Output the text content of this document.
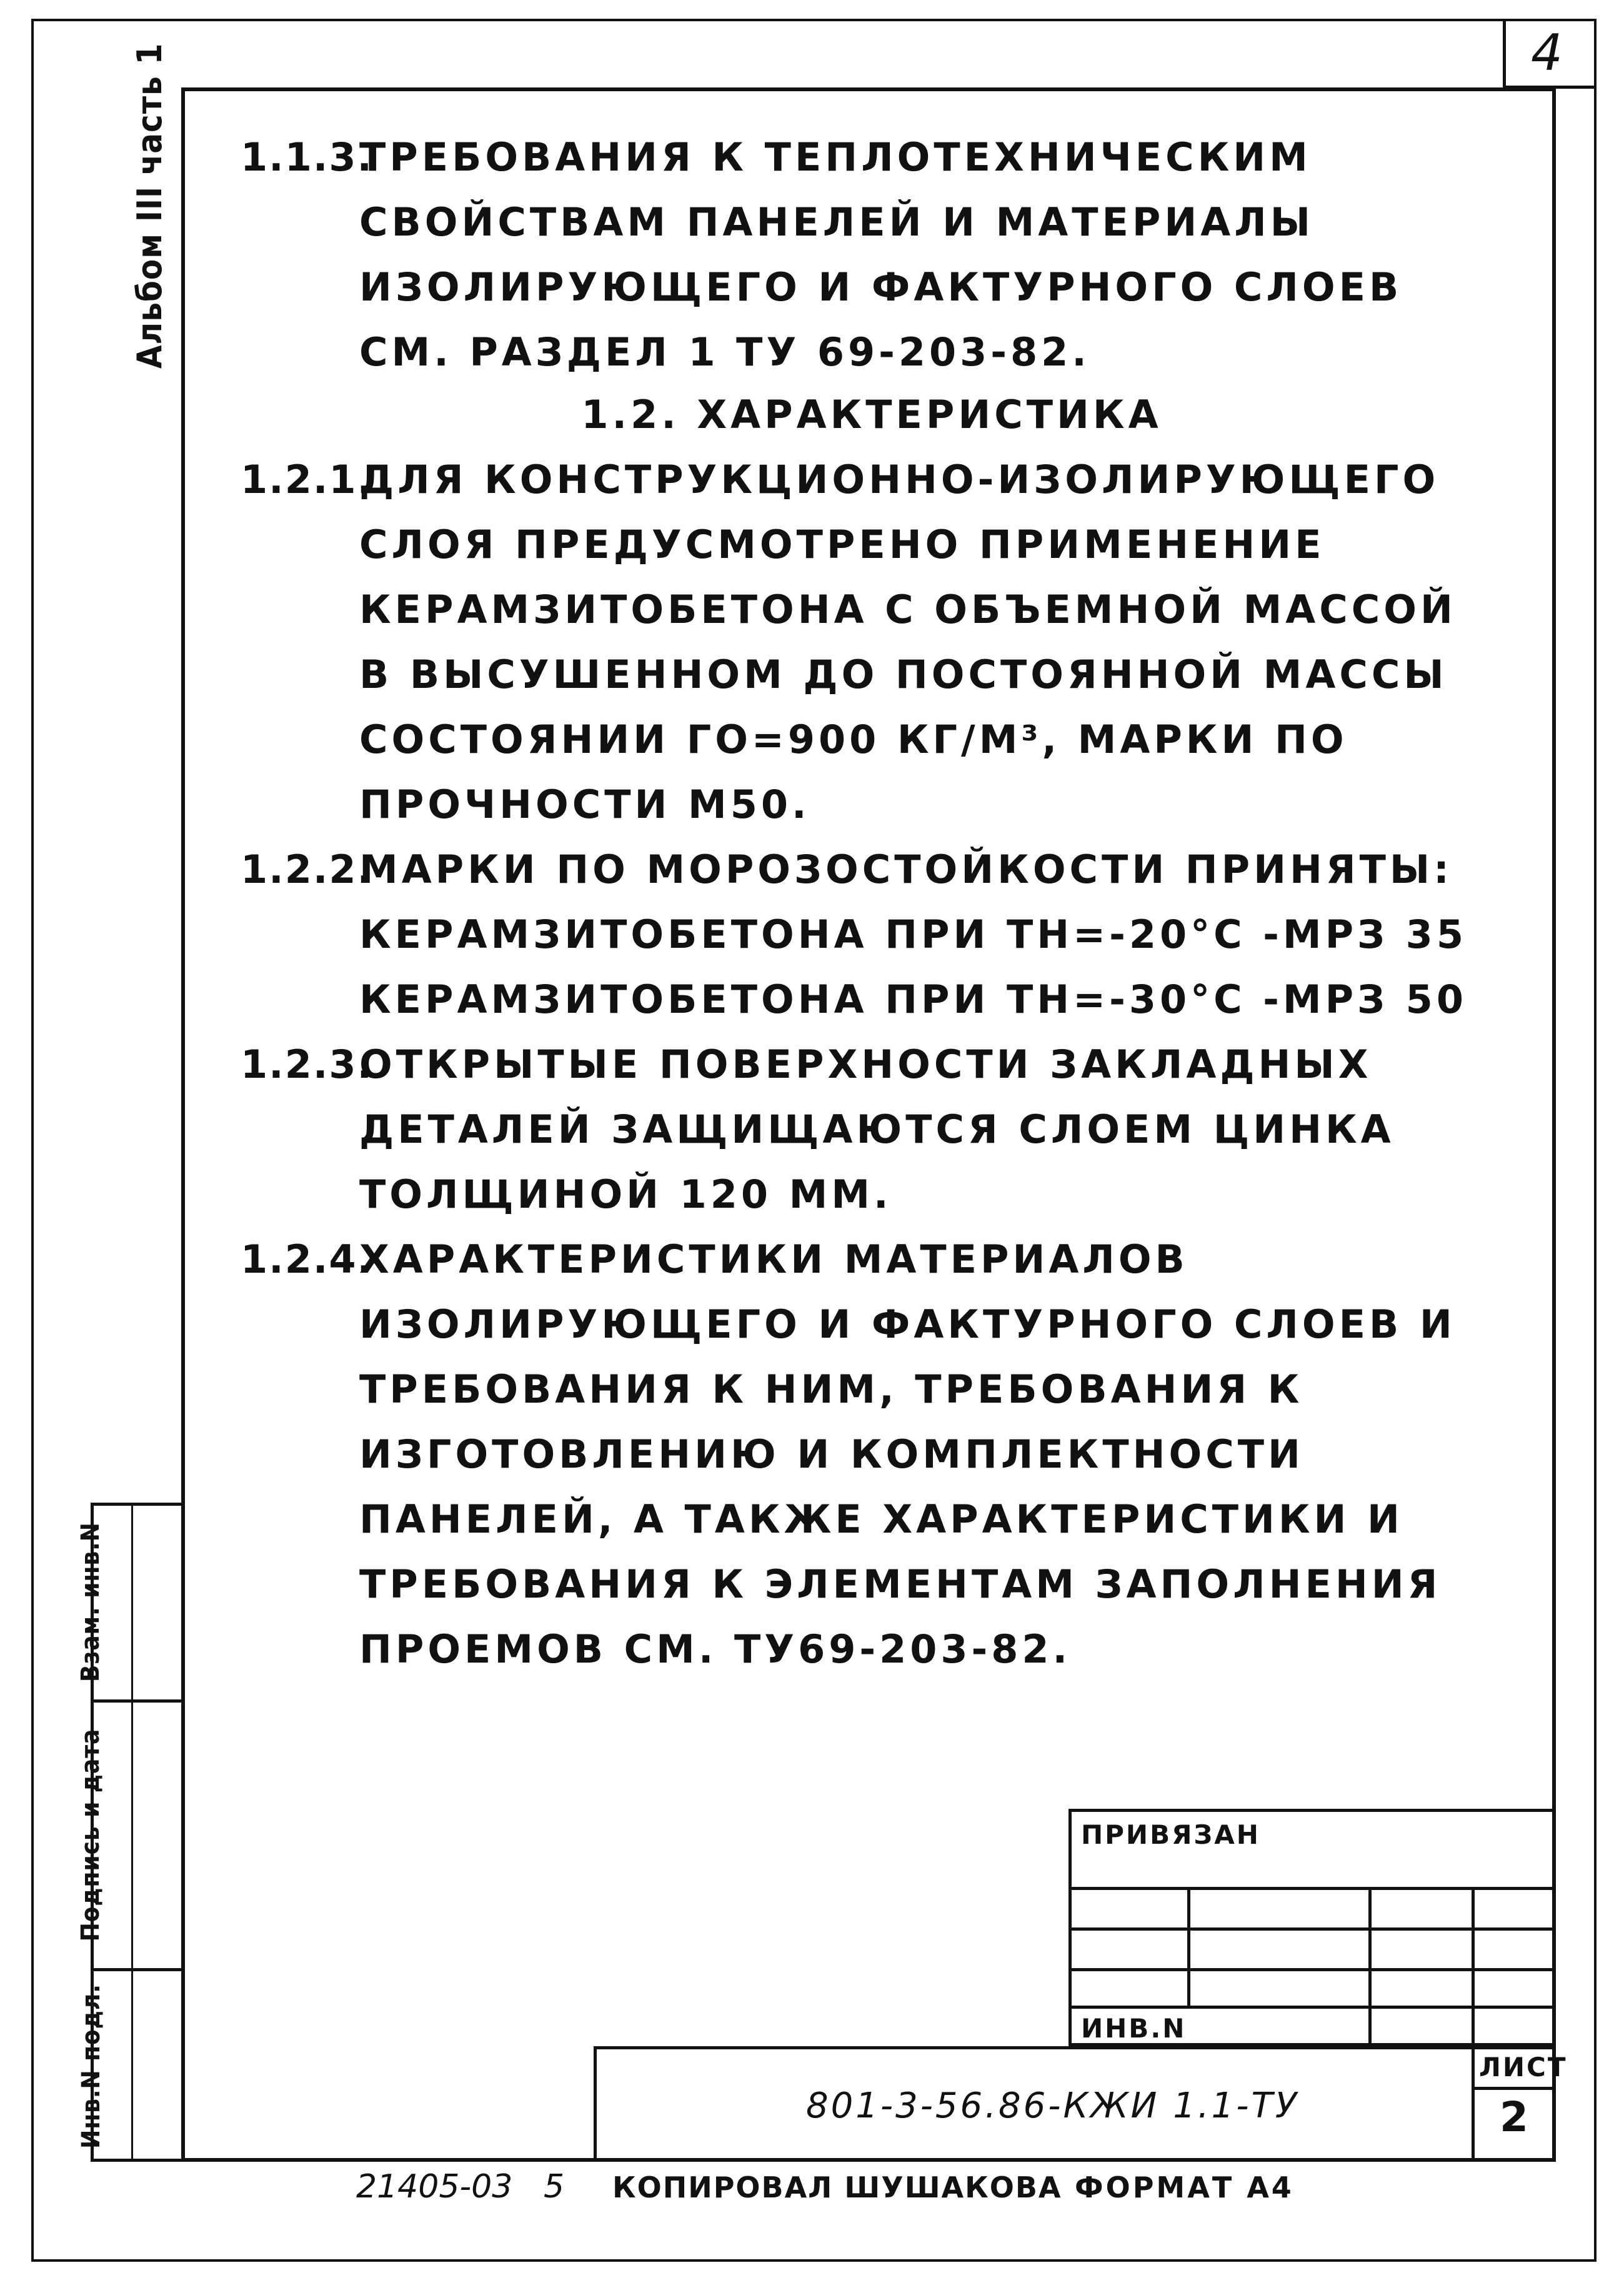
4
Альбом III часть 1
Инв.N подл.
Подпись и дата
Взам. инв.N
1.1.3.
ТРЕБОВАНИЯ К ТЕПЛОТЕХНИЧЕСКИМ СВОЙСТВАМ ПАНЕЛЕЙ И МАТЕРИАЛЫ ИЗОЛИРУЮЩЕГО И ФАКТУРНОГО СЛОЕВ СМ. РАЗДЕЛ 1 ТУ 69-203-82.
1.2. ХАРАКТЕРИСТИКА
1.2.1.
ДЛЯ КОНСТРУКЦИОННО-ИЗОЛИРУЮЩЕГО СЛОЯ ПРЕДУСМОТРЕНО ПРИМЕНЕНИЕ КЕРАМЗИТОБЕТОНА С ОБЪЕМНОЙ МАССОЙ В ВЫСУШЕННОМ ДО ПОСТОЯННОЙ МАССЫ СОСТОЯНИИ ΓO=900 КГ/М³, МАРКИ ПО ПРОЧНОСТИ М50.
1.2.2.
МАРКИ ПО МОРОЗОСТОЙКОСТИ ПРИНЯТЫ:
КЕРАМЗИТОБЕТОНА ПРИ TН=-20°С -МРЗ 35
КЕРАМЗИТОБЕТОНА ПРИ TН=-30°С -МРЗ 50
1.2.3.
ОТКРЫТЫЕ ПОВЕРХНОСТИ ЗАКЛАДНЫХ ДЕТАЛЕЙ ЗАЩИЩАЮТСЯ СЛОЕМ ЦИНКА ТОЛЩИНОЙ 120 ММ.
1.2.4.
ХАРАКТЕРИСТИКИ МАТЕРИАЛОВ ИЗОЛИРУЮЩЕГО И ФАКТУРНОГО СЛОЕВ И ТРЕБОВАНИЯ К НИМ, ТРЕБОВАНИЯ К ИЗГОТОВЛЕНИЮ И КОМПЛЕКТНОСТИ ПАНЕЛЕЙ, А ТАКЖЕ ХАРАКТЕРИСТИКИ И ТРЕБОВАНИЯ К ЭЛЕМЕНТАМ ЗАПОЛНЕНИЯ ПРОЕМОВ СМ. ТУ69-203-82.
ПРИВЯЗАН
ИНВ.N
801-3-56.86-КЖИ 1.1-ТУ
ЛИСТ
2
21405-03 5 КОПИРОВАЛ ШУШАКОВА ФОРМАТ А4
